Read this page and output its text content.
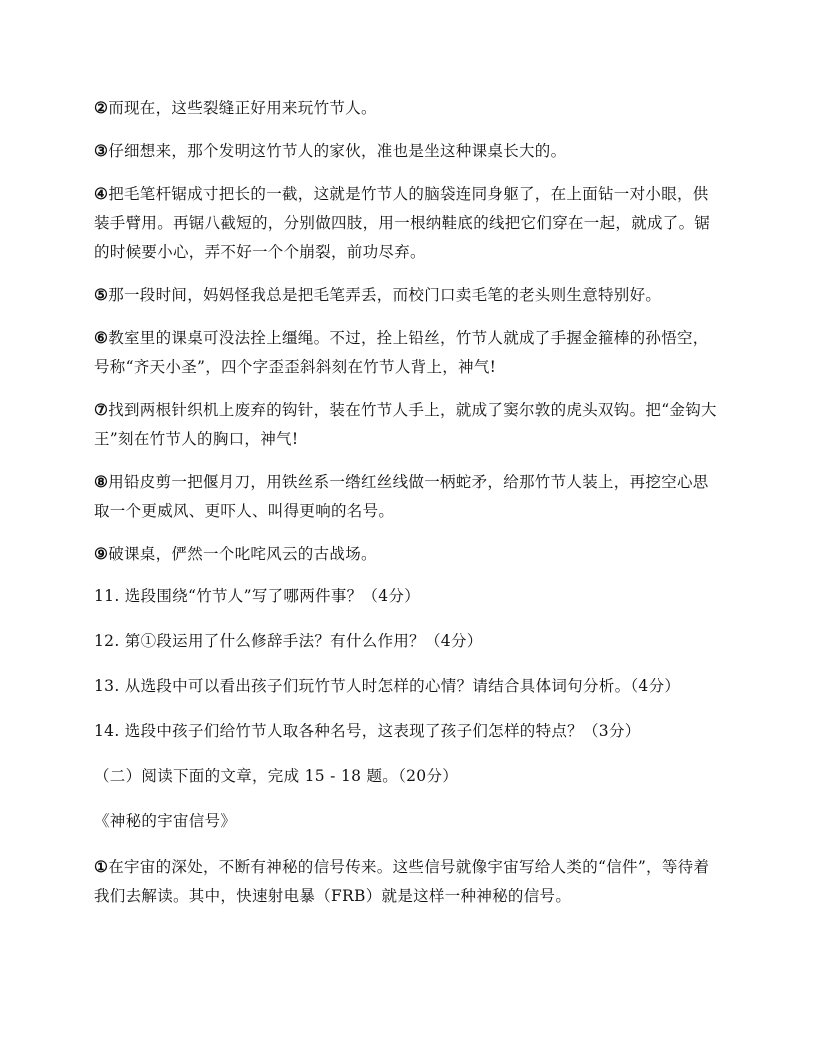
②而现在，这些裂缝正好用来玩竹节人。

③仔细想来，那个发明这竹节人的家伙，准也是坐这种课桌长大的。

④把毛笔杆锯成寸把长的一截，这就是竹节人的脑袋连同身躯了，在上面钻一对小眼，供装手臂用。再锯八截短的，分别做四肢，用一根纳鞋底的线把它们穿在一起，就成了。锯的时候要小心，弄不好一个个崩裂，前功尽弃。

⑤那一段时间，妈妈怪我总是把毛笔弄丢，而校门口卖毛笔的老头则生意特别好。

⑥教室里的课桌可没法拴上缰绳。不过，拴上铅丝，竹节人就成了手握金箍棒的孙悟空，号称“齐天小圣”，四个字歪歪斜斜刻在竹节人背上，神气!

⑦找到两根针织机上废弃的钩针，装在竹节人手上，就成了窦尔敦的虎头双钩。把“金钩大王”刻在竹节人的胸口，神气!

⑧用铅皮剪一把偃月刀，用铁丝系一绺红丝线做一柄蛇矛，给那竹节人装上，再挖空心思取一个更威风、更吓人、叫得更响的名号。

⑨破课桌，俨然一个叱咤风云的古战场。

11. 选段围绕“竹节人”写了哪两件事？（4分）

12. 第①段运用了什么修辞手法？有什么作用？（4分）

13. 从选段中可以看出孩子们玩竹节人时怎样的心情？请结合具体词句分析。（4分）

14. 选段中孩子们给竹节人取各种名号，这表现了孩子们怎样的特点？（3分）

（二）阅读下面的文章，完成 15 - 18 题。（20分）

《神秘的宇宙信号》

①在宇宙的深处，不断有神秘的信号传来。这些信号就像宇宙写给人类的“信件”，等待着我们去解读。其中，快速射电暴（FRB）就是这样一种神秘的信号。
